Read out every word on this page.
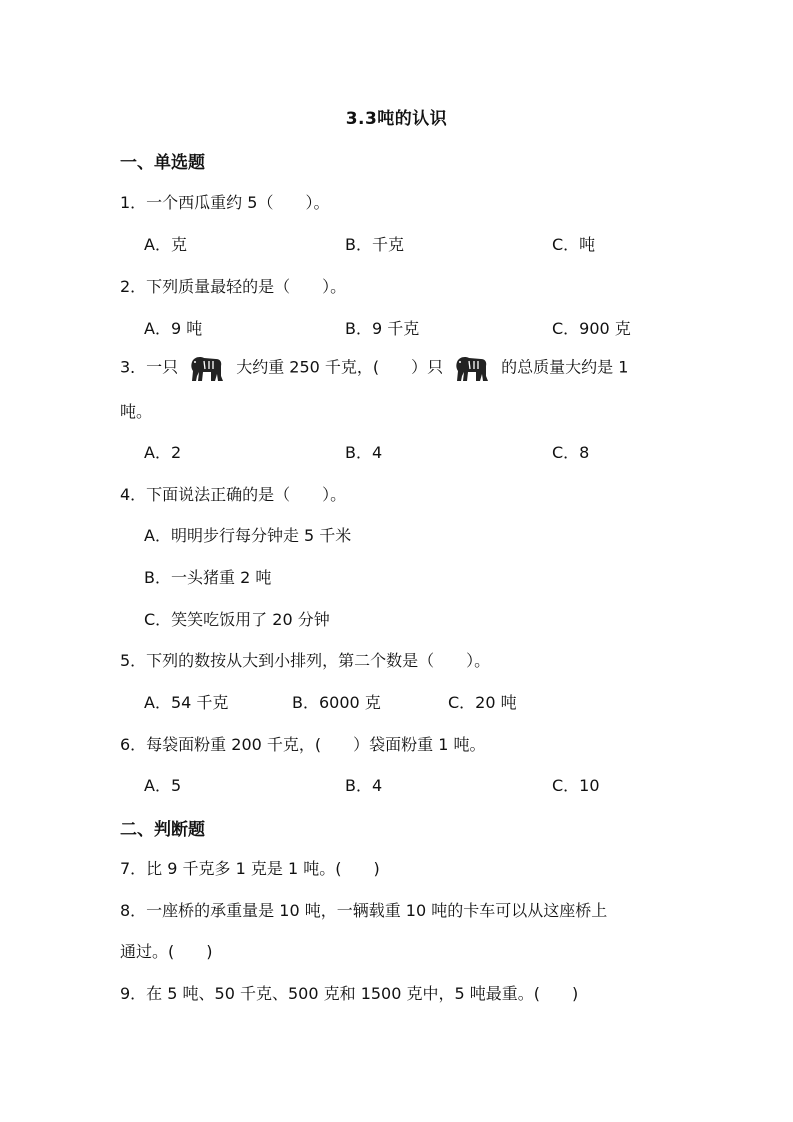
3.3吨的认识
一、单选题
1．一个西瓜重约 5（　　）。
A．克	B．千克	C．吨
2．下列质量最轻的是（　　）。
A．9 吨	B．9 千克	C．900 克
3．一只	大约重 250 千克，(　　）只	的总质量大约是 1
吨。
A．2	B．4	C．8
4．下面说法正确的是（　　）。
A．明明步行每分钟走 5 千米
B．一头猪重 2 吨
C．笑笑吃饭用了 20 分钟
5．下列的数按从大到小排列，第二个数是（　　）。
A．54 千克	B．6000 克	C．20 吨
6．每袋面粉重 200 千克，(　　）袋面粉重 1 吨。
A．5	B．4	C．10
二、判断题
7．比 9 千克多 1 克是 1 吨。(　　)
8．一座桥的承重量是 10 吨，一辆载重 10 吨的卡车可以从这座桥上
通过。(　　)
9．在 5 吨、50 千克、500 克和 1500 克中，5 吨最重。(　　)
